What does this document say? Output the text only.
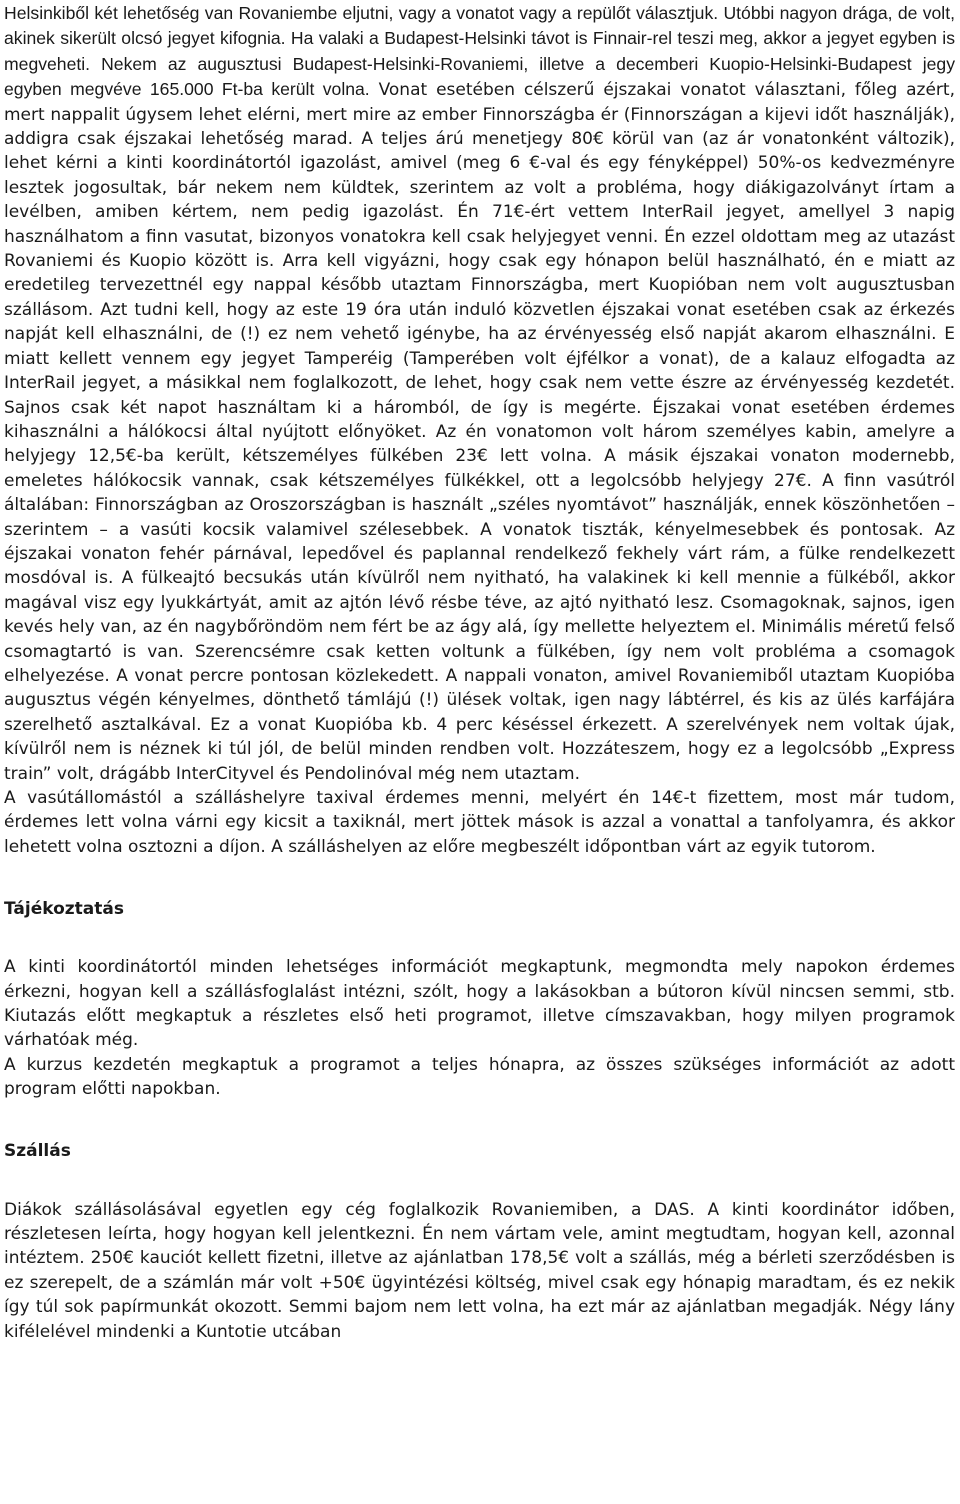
Helsinkiből két lehetőség van Rovaniembe eljutni, vagy a vonatot vagy a repülőt választjuk. Utóbbi nagyon drága, de volt, akinek sikerült olcsó jegyet kifognia. Ha valaki a Budapest-Helsinki távot is Finnair-rel teszi meg, akkor a jegyet egyben is megveheti. Nekem az augusztusi Budapest-Helsinki-Rovaniemi, illetve a decemberi Kuopio-Helsinki-Budapest jegy egyben megvéve 165.000 Ft-ba került volna. Vonat esetében célszerű éjszakai vonatot választani, főleg azért, mert nappalit úgysem lehet elérni, mert mire az ember Finnországba ér (Finnországan a kijevi időt használják), addigra csak éjszakai lehetőség marad. A teljes árú menetjegy 80€ körül van (az ár vonatonként változik), lehet kérni a kinti koordinátortól igazolást, amivel (meg 6 €-val és egy fényképpel) 50%-os kedvezményre lesztek jogosultak, bár nekem nem küldtek, szerintem az volt a probléma, hogy diákigazolványt írtam a levélben, amiben kértem, nem pedig igazolást. Én 71€-ért vettem InterRail jegyet, amellyel 3 napig használhatom a finn vasutat, bizonyos vonatokra kell csak helyjegyet venni. Én ezzel oldottam meg az utazást Rovaniemi és Kuopio között is. Arra kell vigyázni, hogy csak egy hónapon belül használható, én e miatt az eredetileg tervezettnél egy nappal később utaztam Finnországba, mert Kuopióban nem volt augusztusban szállásom. Azt tudni kell, hogy az este 19 óra után induló közvetlen éjszakai vonat esetében csak az érkezés napját kell elhasználni, de (!) ez nem vehető igénybe, ha az érvényesség első napját akarom elhasználni. E miatt kellett vennem egy jegyet Tamperéig (Tamperében volt éjfélkor a vonat), de a kalauz elfogadta az InterRail jegyet, a másikkal nem foglalkozott, de lehet, hogy csak nem vette észre az érvényesség kezdetét. Sajnos csak két napot használtam ki a háromból, de így is megérte. Éjszakai vonat esetében érdemes kihasználni a hálókocsi által nyújtott előnyöket. Az én vonatomon volt három személyes kabin, amelyre a helyjegy 12,5€-ba került, kétszemélyes fülkében 23€ lett volna. A másik éjszakai vonaton modernebb, emeletes hálókocsik vannak, csak kétszemélyes fülkékkel, ott a legolcsóbb helyjegy 27€. A finn vasútról általában: Finnországban az Oroszországban is használt „széles nyomtávot” használják, ennek köszönhetően – szerintem – a vasúti kocsik valamivel szélesebbek. A vonatok tiszták, kényelmesebbek és pontosak. Az éjszakai vonaton fehér párnával, lepedővel és paplannal rendelkező fekhely várt rám, a fülke rendelkezett mosdóval is. A fülkeajtó becsukás után kívülről nem nyitható, ha valakinek ki kell mennie a fülkéből, akkor magával visz egy lyukkártyát, amit az ajtón lévő résbe téve, az ajtó nyitható lesz. Csomagoknak, sajnos, igen kevés hely van, az én nagybőröndöm nem fért be az ágy alá, így mellette helyeztem el. Minimális méretű felső csomagtartó is van. Szerencsémre csak ketten voltunk a fülkében, így nem volt probléma a csomagok elhelyezése. A vonat percre pontosan közlekedett. A nappali vonaton, amivel Rovaniemiből utaztam Kuopióba augusztus végén kényelmes, dönthető támlájú (!) ülések voltak, igen nagy lábtérrel, és kis az ülés karfájára szerelhető asztalkával. Ez a vonat Kuopióba kb. 4 perc késéssel érkezett. A szerelvények nem voltak újak, kívülről nem is néznek ki túl jól, de belül minden rendben volt. Hozzáteszem, hogy ez a legolcsóbb „Express train” volt, drágább InterCityvel és Pendolinóval még nem utaztam.

A vasútállomástól a szálláshelyre taxival érdemes menni, melyért én 14€-t fizettem, most már tudom, érdemes lett volna várni egy kicsit a taxiknál, mert jöttek mások is azzal a vonattal a tanfolyamra, és akkor lehetett volna osztozni a díjon. A szálláshelyen az előre megbeszélt időpontban várt az egyik tutorom.

Tájékoztatás

A kinti koordinátortól minden lehetséges információt megkaptunk, megmondta mely napokon érdemes érkezni, hogyan kell a szállásfoglalást intézni, szólt, hogy a lakásokban a bútoron kívül nincsen semmi, stb. Kiutazás előtt megkaptuk a részletes első heti programot, illetve címszavakban, hogy milyen programok várhatóak még.

A kurzus kezdetén megkaptuk a programot a teljes hónapra, az összes szükséges információt az adott program előtti napokban.

Szállás

Diákok szállásolásával egyetlen egy cég foglalkozik Rovaniemiben, a DAS. A kinti koordinátor időben, részletesen leírta, hogy hogyan kell jelentkezni. Én nem vártam vele, amint megtudtam, hogyan kell, azonnal intéztem. 250€ kauciót kellett fizetni, illetve az ajánlatban 178,5€ volt a szállás, még a bérleti szerződésben is ez szerepelt, de a számlán már volt +50€ ügyintézési költség, mivel csak egy hónapig maradtam, és ez nekik így túl sok papírmunkát okozott. Semmi bajom nem lett volna, ha ezt már az ajánlatban megadják. Négy lány kifélelével mindenki a Kuntotie utcában
